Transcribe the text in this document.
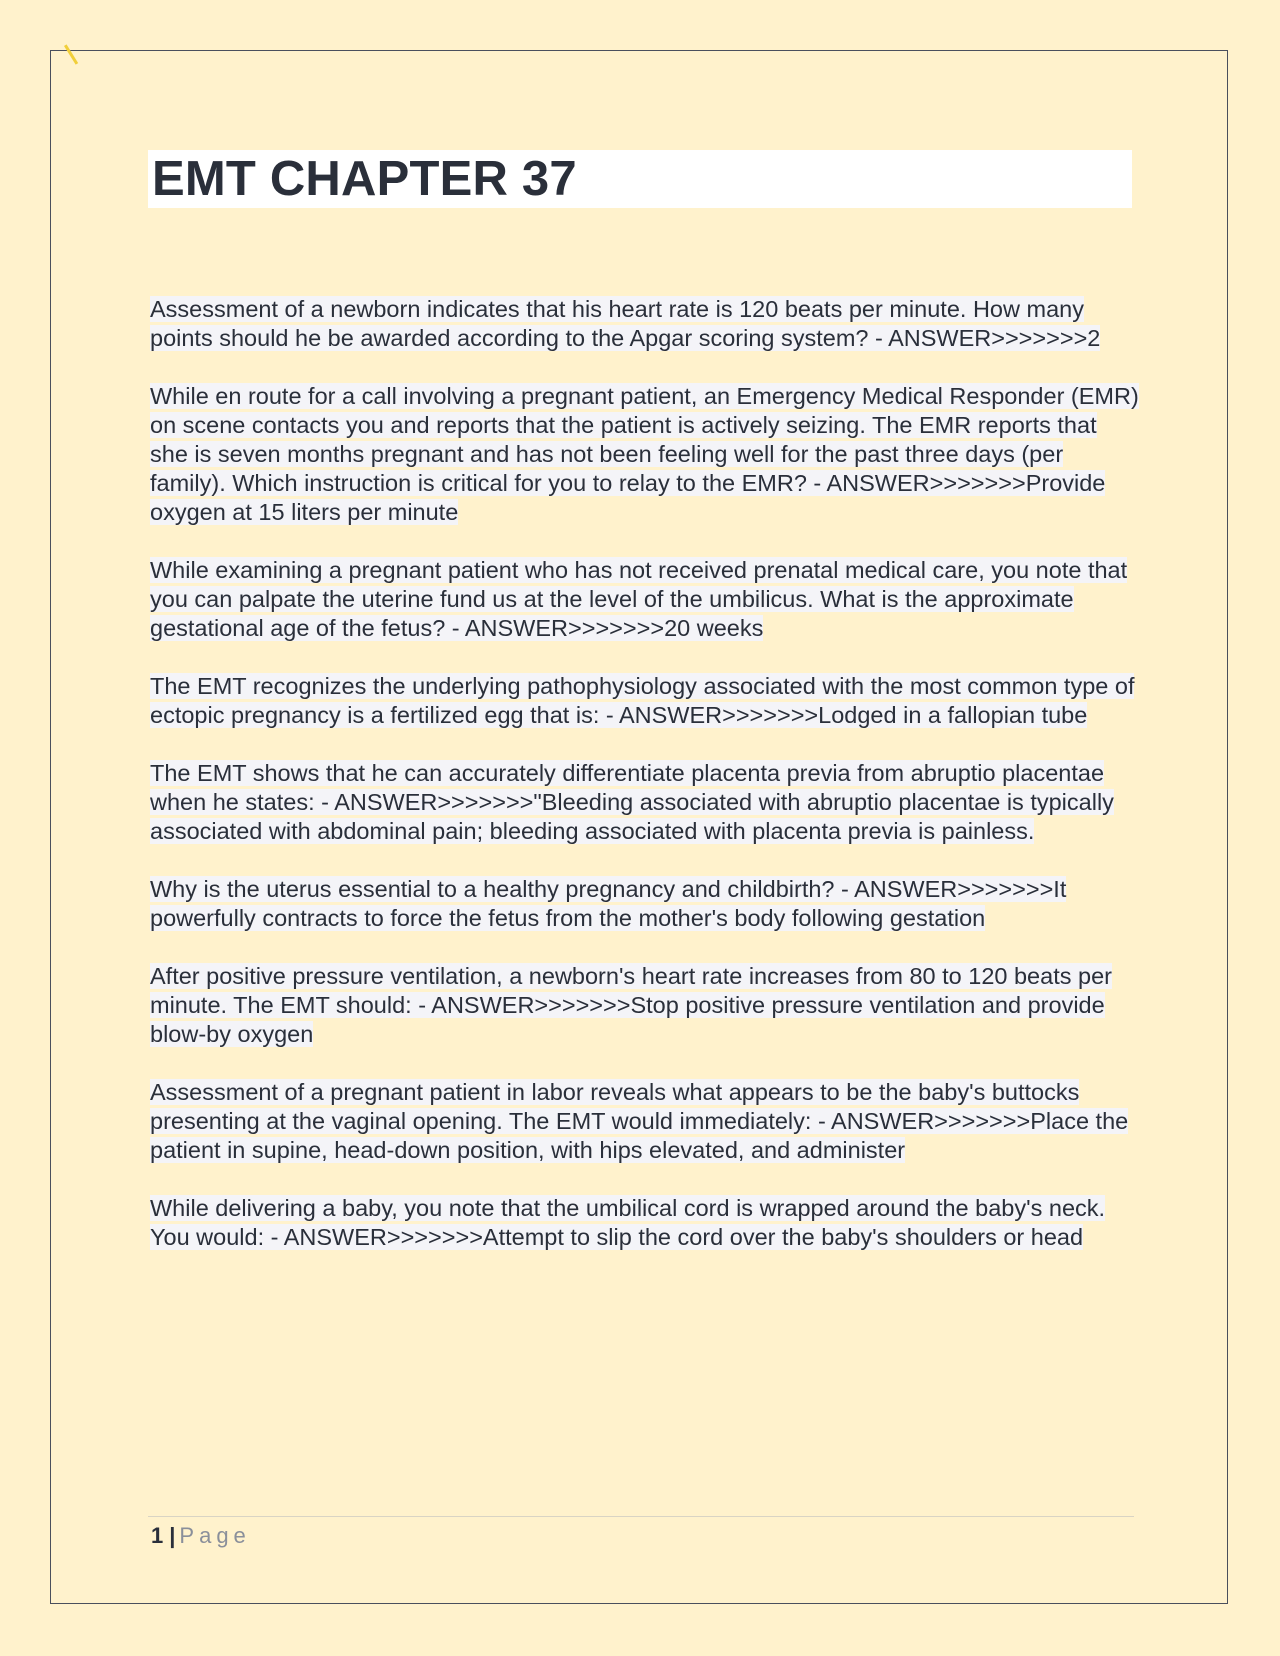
EMT CHAPTER 37

Assessment of a newborn indicates that his heart rate is 120 beats per minute. How many points should he be awarded according to the Apgar scoring system? - ANSWER>>>>>>>2

While en route for a call involving a pregnant patient, an Emergency Medical Responder (EMR) on scene contacts you and reports that the patient is actively seizing. The EMR reports that she is seven months pregnant and has not been feeling well for the past three days (per family). Which instruction is critical for you to relay to the EMR? - ANSWER>>>>>>>Provide oxygen at 15 liters per minute

While examining a pregnant patient who has not received prenatal medical care, you note that you can palpate the uterine fund us at the level of the umbilicus. What is the approximate gestational age of the fetus? - ANSWER>>>>>>>20 weeks

The EMT recognizes the underlying pathophysiology associated with the most common type of ectopic pregnancy is a fertilized egg that is: - ANSWER>>>>>>>Lodged in a fallopian tube

The EMT shows that he can accurately differentiate placenta previa from abruptio placentae when he states: - ANSWER>>>>>>>"Bleeding associated with abruptio placentae is typically associated with abdominal pain; bleeding associated with placenta previa is painless.

Why is the uterus essential to a healthy pregnancy and childbirth? - ANSWER>>>>>>>It powerfully contracts to force the fetus from the mother's body following gestation

After positive pressure ventilation, a newborn's heart rate increases from 80 to 120 beats per minute. The EMT should: - ANSWER>>>>>>>Stop positive pressure ventilation and provide blow-by oxygen

Assessment of a pregnant patient in labor reveals what appears to be the baby's buttocks presenting at the vaginal opening. The EMT would immediately: - ANSWER>>>>>>>Place the patient in supine, head-down position, with hips elevated, and administer

While delivering a baby, you note that the umbilical cord is wrapped around the baby's neck. You would: - ANSWER>>>>>>>Attempt to slip the cord over the baby's shoulders or head

1 | Page
